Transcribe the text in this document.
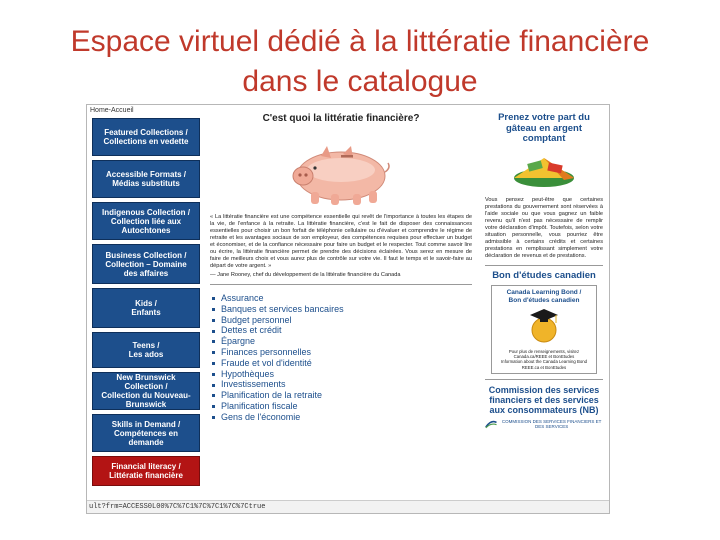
Espace virtuel dédié à la littératie financière dans le catalogue
Home-Accueil
Featured Collections /
Collections en vedette
Accessible Formats /
Médias substituts
Indigenous Collection /
Collection liée aux
Autochtones
Business Collection /
Collection – Domaine
des affaires
Kids /
Enfants
Teens /
Les ados
New Brunswick
Collection /
Collection du Nouveau-
Brunswick
Skills in Demand /
Compétences en
demande
Financial literacy /
Littératie financière
C'est quoi la littératie financière?
« La littératie financière est une compétence essentielle qui revêt de l'importance à toutes les étapes de la vie, de l'enfance à la retraite. La littératie financière, c'est le fait de disposer des connaissances essentielles pour choisir un bon forfait de téléphonie cellulaire ou d'évaluer et comprendre le régime de retraite et les avantages sociaux de son employeur, des compétences requises pour effectuer un budget et économiser, et de la confiance nécessaire pour faire un budget et le respecter. Tout comme savoir lire ou écrire, la littératie financière permet de prendre des décisions éclairées. Vous serez en mesure de faire de meilleurs choix et vous aurez plus de contrôle sur votre vie. Il faut le temps et le savoir-faire au départ de votre argent. »
— Jane Rooney, chef du développement de la littératie financière du Canada
Assurance
Banques et services bancaires
Budget personnel
Dettes et crédit
Épargne
Finances personnelles
Fraude et vol d'identité
Hypothèques
Investissements
Planification de la retraite
Planification fiscale
Gens de l'économie
Prenez votre part du gâteau en argent comptant
Vous pensez peut-être que certaines prestations du gouvernement sont réservées à l'aide sociale ou que vous gagnez un faible revenu qu'il n'est pas nécessaire de remplir votre déclaration d'impôt. Toutefois, selon votre situation personnelle, vous pourriez être admissible à certains crédits et certaines prestations en remplissant simplement votre déclaration de revenus et de prestations.
Bon d'études canadien
Canada Learning Bond /
Bon d'études canadien
Pour plus de renseignements, visitez
Canada.ca/REEE et BonEtudes
Information about the Canada Learning Bond
REEE.ca et BonEtudes
Commission des services financiers et des services aux consommateurs (NB)
COMMISSION DES SERVICES FINANCIERS ET DES SERVICES
ult?frm=ACCESS0L00%7C%7C1%7C%7C1%7C%7Ctrue
